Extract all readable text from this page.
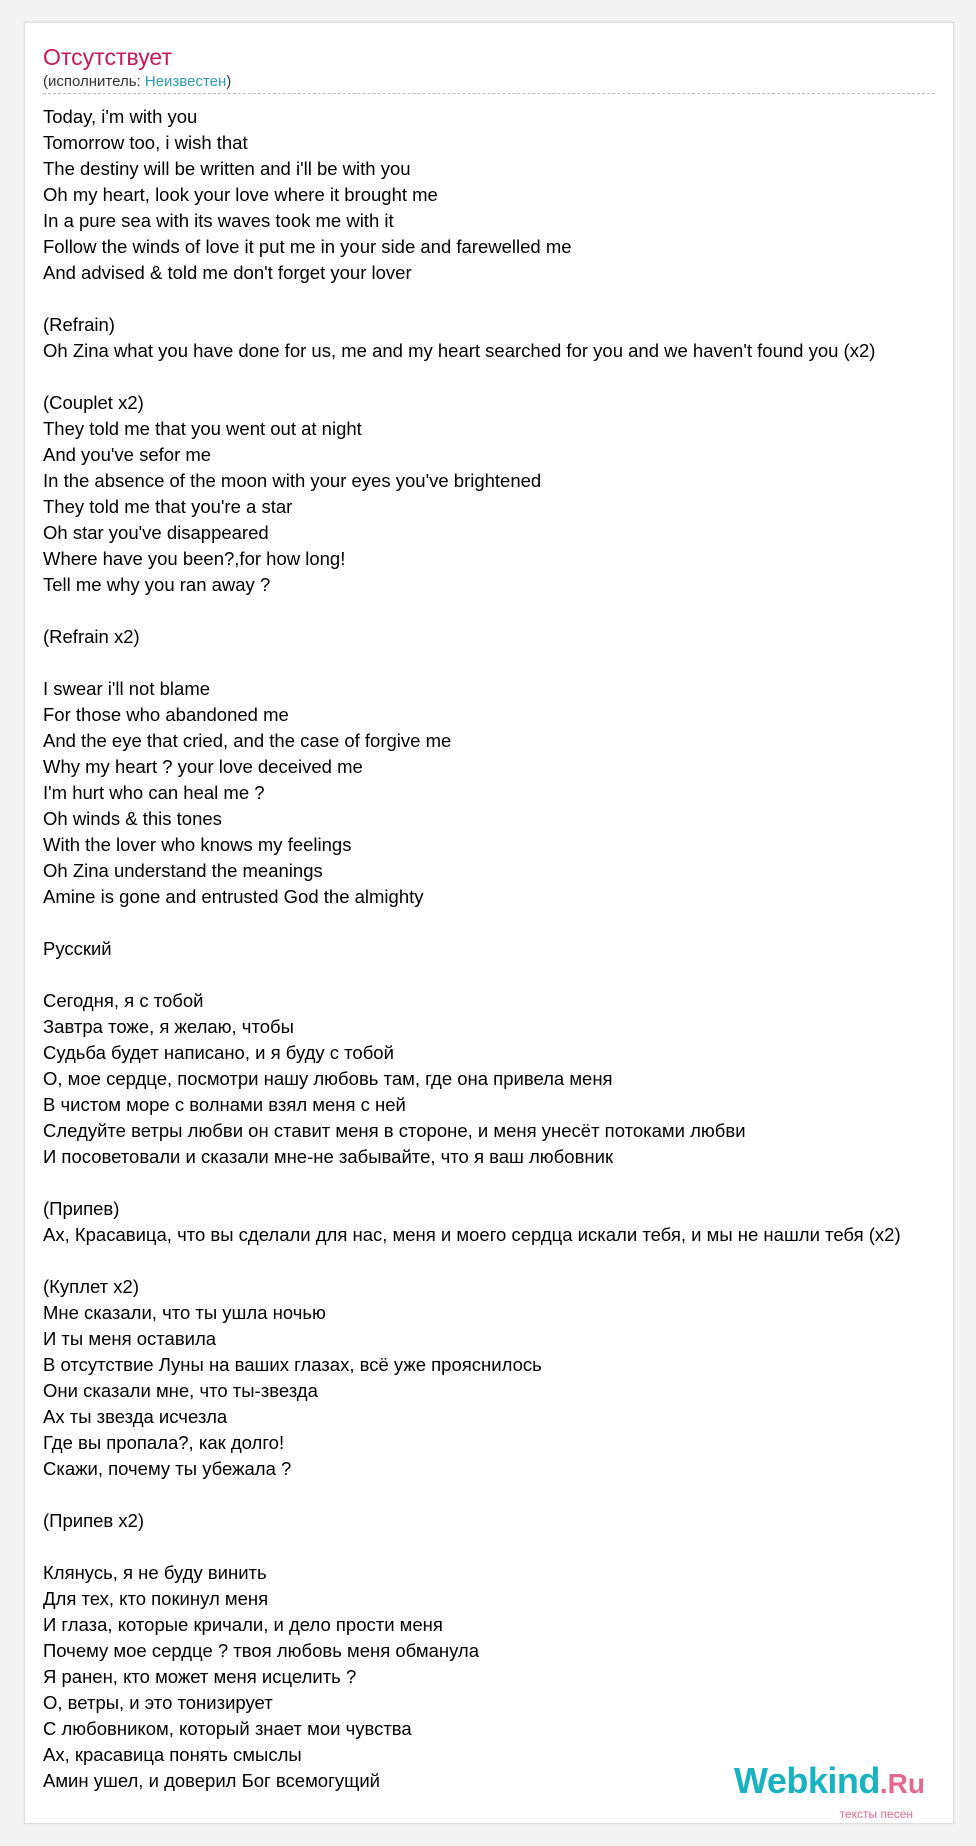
Отсутствует
(исполнитель: Неизвестен)
Today, i'm with you
Tomorrow too, i wish that
The destiny will be written and i'll be with you
Oh my heart, look your love where it brought me
In a pure sea with its waves took me with it
Follow the winds of love it put me in your side and farewelled me
And advised & told me don't forget your lover
(Refrain)
Oh Zina what you have done for us, me and my heart searched for you and we haven't found you (x2)
(Couplet x2)
They told me that you went out at night
And you've sefor me
In the absence of the moon with your eyes you've brightened
They told me that you're a star
Oh star you've disappeared
Where have you been?,for how long!
Tell me why you ran away ?
(Refrain x2)
I swear i'll not blame
For those who abandoned me
And the eye that cried, and the case of forgive me
Why my heart ? your love deceived me
I'm hurt who can heal me ?
Oh winds & this tones
With the lover who knows my feelings
Oh Zina understand the meanings
Amine is gone and entrusted God the almighty
Русский
Сегодня, я с тобой
Завтра тоже, я желаю, чтобы
Судьба будет написано, и я буду с тобой
О, мое сердце, посмотри нашу любовь там, где она привела меня
В чистом море с волнами взял меня с ней
Следуйте ветры любви он ставит меня в стороне, и меня унесёт потоками любви
И посоветовали и сказали мне-не забывайте, что я ваш любовник
(Припев)
Ах, Красавица, что вы сделали для нас, меня и моего сердца искали тебя, и мы не нашли тебя (x2)
(Куплет x2)
Мне сказали, что ты ушла ночью
И ты меня оставила
В отсутствие Луны на ваших глазах, всё уже прояснилось
Они сказали мне, что ты-звезда
Ах ты звезда исчезла
Где вы пропала?, как долго!
Скажи, почему ты убежала ?
(Припев x2)
Клянусь, я не буду винить
Для тех, кто покинул меня
И глаза, которые кричали, и дело прости меня
Почему мое сердце ? твоя любовь меня обманула
Я ранен, кто может меня исцелить ?
О, ветры, и это тонизирует
С любовником, который знает мои чувства
Ах, красавица понять смыслы
Амин ушел, и доверил Бог всемогущий	Webkind.Ru
тексты песен
